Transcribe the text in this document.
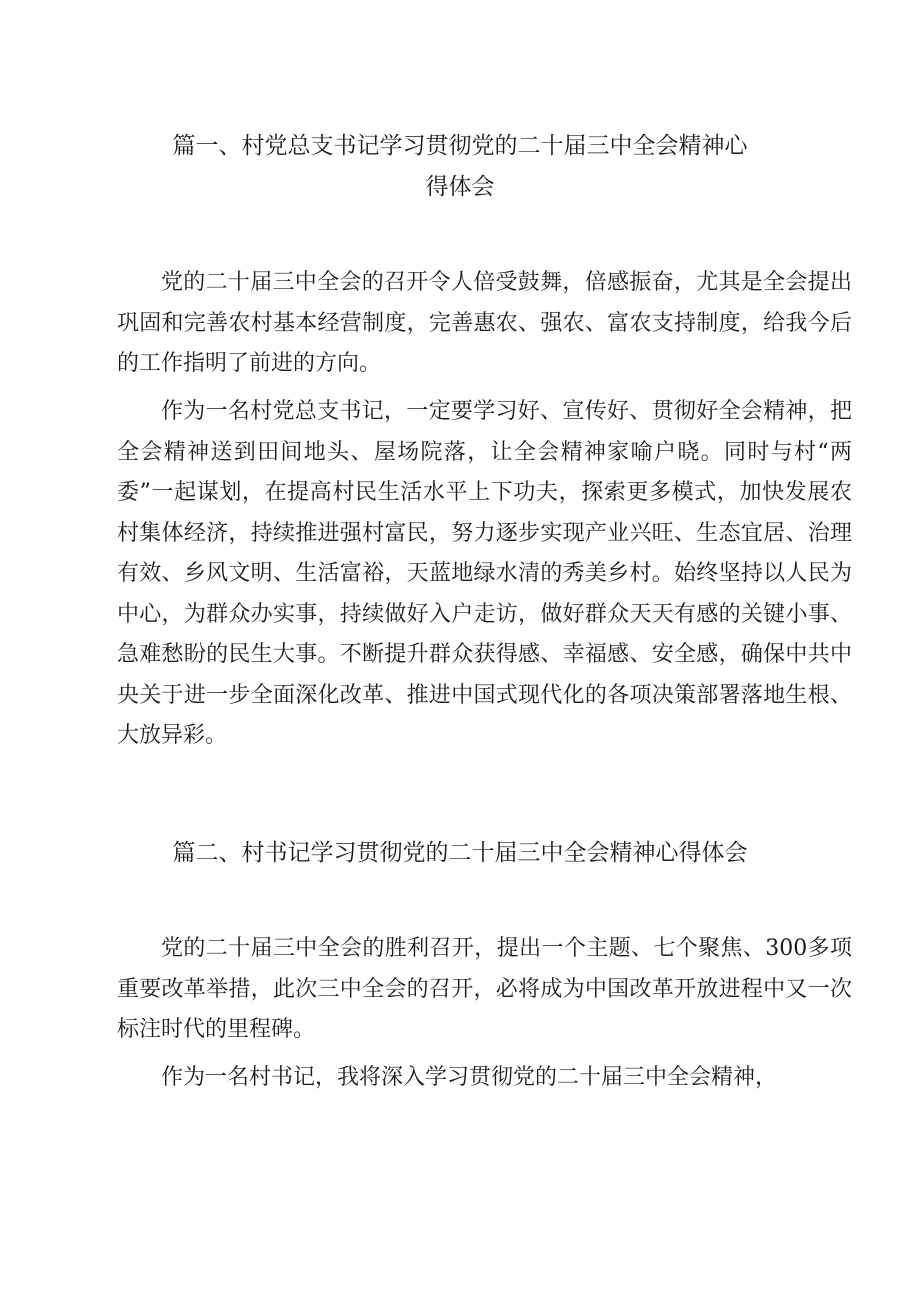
篇一、村党总支书记学习贯彻党的二十届三中全会精神心
得体会

党的二十届三中全会的召开令人倍受鼓舞，倍感振奋，尤其是全会提出巩固和完善农村基本经营制度，完善惠农、强农、富农支持制度，给我今后的工作指明了前进的方向。

作为一名村党总支书记，一定要学习好、宣传好、贯彻好全会精神，把全会精神送到田间地头、屋场院落，让全会精神家喻户晓。同时与村“两委”一起谋划，在提高村民生活水平上下功夫，探索更多模式，加快发展农村集体经济，持续推进强村富民，努力逐步实现产业兴旺、生态宜居、治理有效、乡风文明、生活富裕，天蓝地绿水清的秀美乡村。始终坚持以人民为中心，为群众办实事，持续做好入户走访，做好群众天天有感的关键小事、急难愁盼的民生大事。不断提升群众获得感、幸福感、安全感，确保中共中央关于进一步全面深化改革、推进中国式现代化的各项决策部署落地生根、大放异彩。

篇二、村书记学习贯彻党的二十届三中全会精神心得体会

党的二十届三中全会的胜利召开，提出一个主题、七个聚焦、300多项重要改革举措，此次三中全会的召开，必将成为中国改革开放进程中又一次标注时代的里程碑。

作为一名村书记，我将深入学习贯彻党的二十届三中全会精神，
